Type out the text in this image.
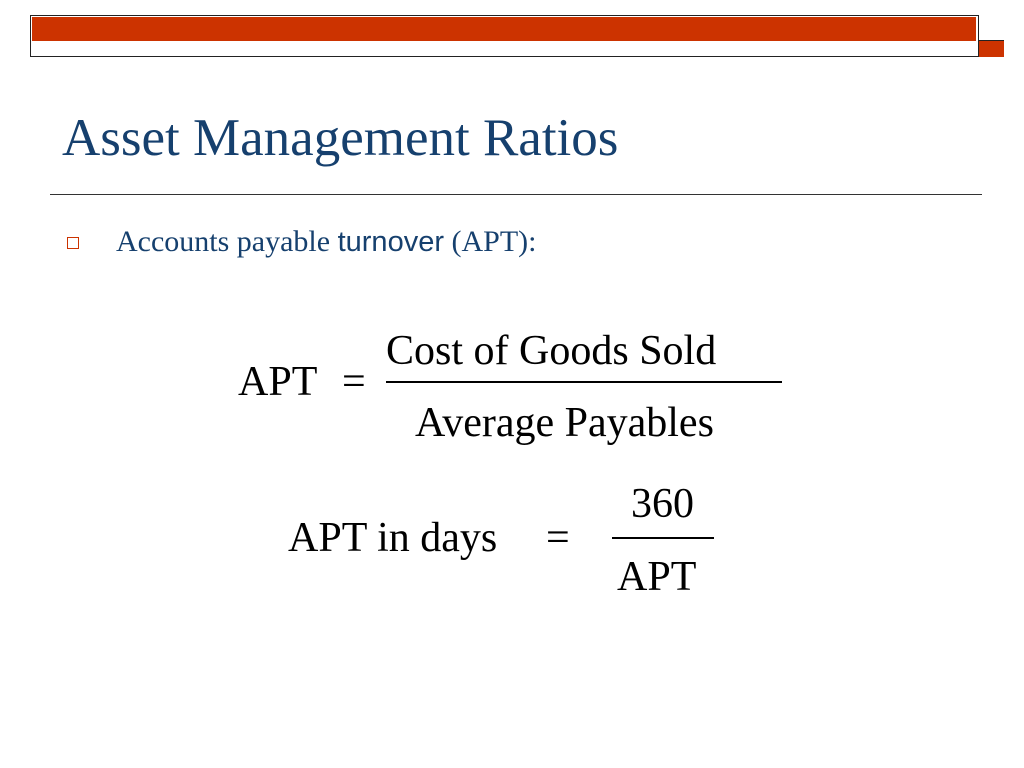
Asset Management Ratios
Accounts payable turnover (APT):
APT =
Cost of Goods Sold
Average Payables
APT in days =
360
APT
